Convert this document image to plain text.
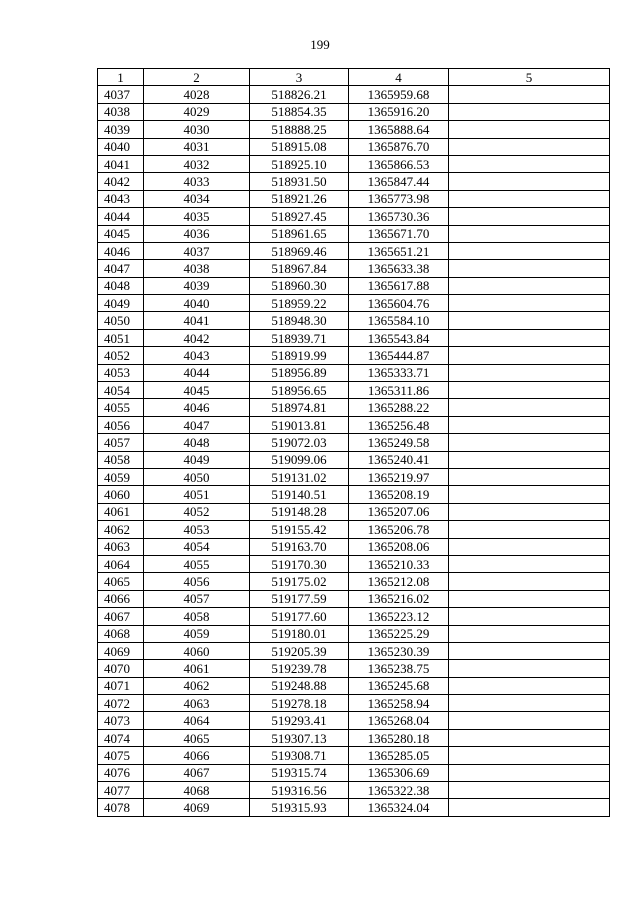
199
1	2	3	4	5
4037	4028	518826.21	1365959.68	
4038	4029	518854.35	1365916.20	
4039	4030	518888.25	1365888.64	
4040	4031	518915.08	1365876.70	
4041	4032	518925.10	1365866.53	
4042	4033	518931.50	1365847.44	
4043	4034	518921.26	1365773.98	
4044	4035	518927.45	1365730.36	
4045	4036	518961.65	1365671.70	
4046	4037	518969.46	1365651.21	
4047	4038	518967.84	1365633.38	
4048	4039	518960.30	1365617.88	
4049	4040	518959.22	1365604.76	
4050	4041	518948.30	1365584.10	
4051	4042	518939.71	1365543.84	
4052	4043	518919.99	1365444.87	
4053	4044	518956.89	1365333.71	
4054	4045	518956.65	1365311.86	
4055	4046	518974.81	1365288.22	
4056	4047	519013.81	1365256.48	
4057	4048	519072.03	1365249.58	
4058	4049	519099.06	1365240.41	
4059	4050	519131.02	1365219.97	
4060	4051	519140.51	1365208.19	
4061	4052	519148.28	1365207.06	
4062	4053	519155.42	1365206.78	
4063	4054	519163.70	1365208.06	
4064	4055	519170.30	1365210.33	
4065	4056	519175.02	1365212.08	
4066	4057	519177.59	1365216.02	
4067	4058	519177.60	1365223.12	
4068	4059	519180.01	1365225.29	
4069	4060	519205.39	1365230.39	
4070	4061	519239.78	1365238.75	
4071	4062	519248.88	1365245.68	
4072	4063	519278.18	1365258.94	
4073	4064	519293.41	1365268.04	
4074	4065	519307.13	1365280.18	
4075	4066	519308.71	1365285.05	
4076	4067	519315.74	1365306.69	
4077	4068	519316.56	1365322.38	
4078	4069	519315.93	1365324.04	
